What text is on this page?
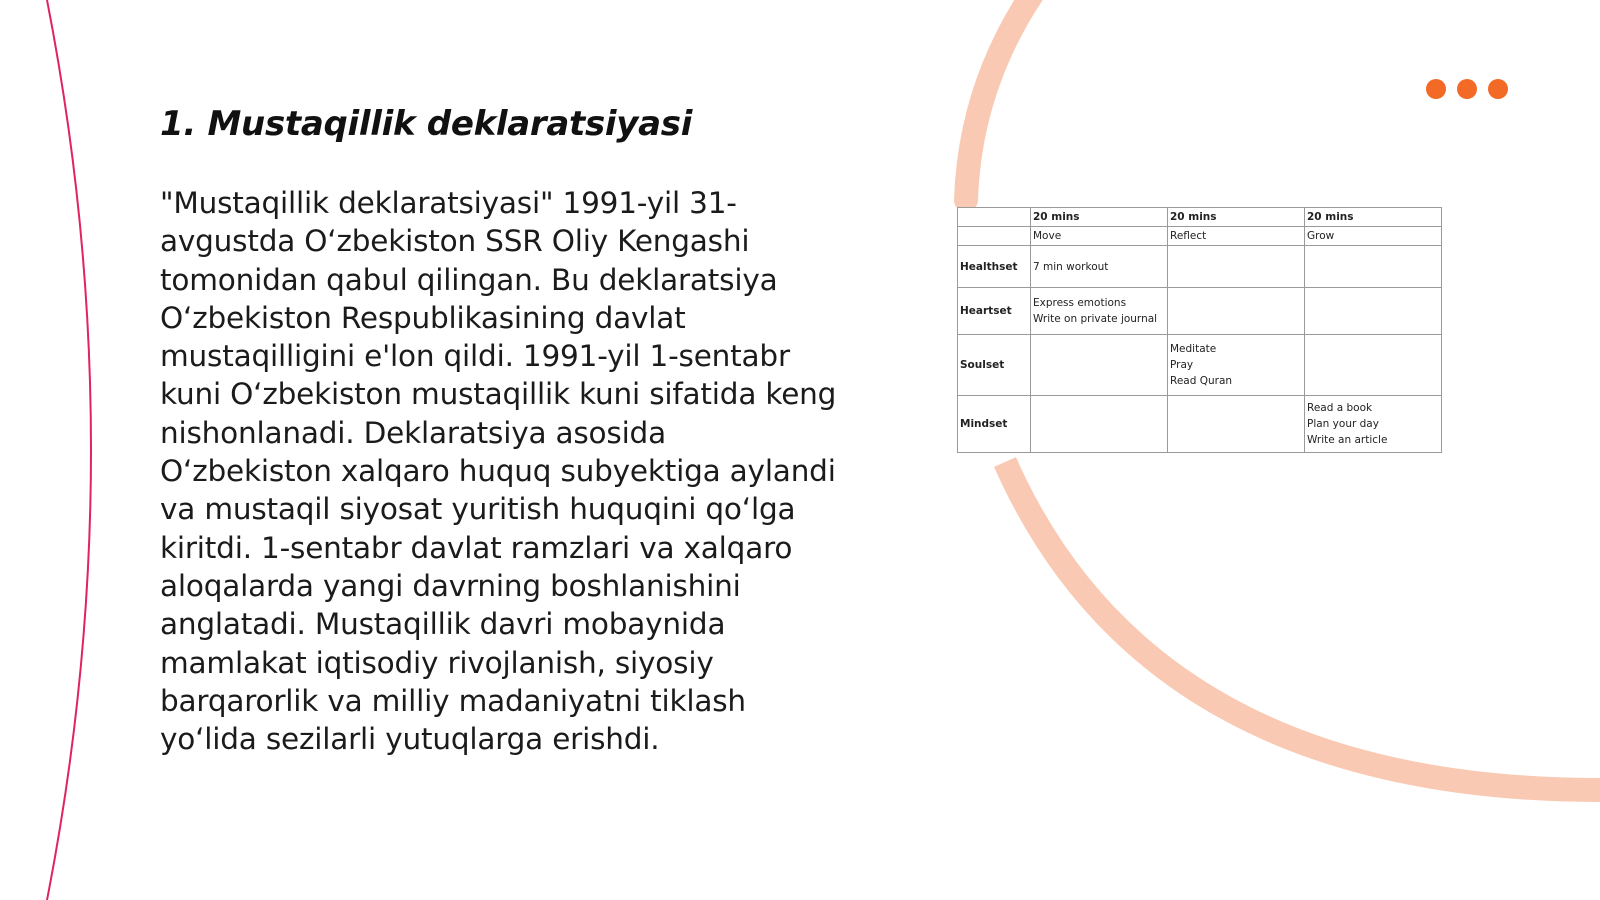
1. Mustaqillik deklaratsiyasi

"Mustaqillik deklaratsiyasi" 1991-yil 31-avgustda O‘zbekiston SSR Oliy Kengashi tomonidan qabul qilingan. Bu deklaratsiya O‘zbekiston Respublikasining davlat mustaqilligini e'lon qildi. 1991-yil 1-sentabr kuni O‘zbekiston mustaqillik kuni sifatida keng nishonlanadi. Deklaratsiya asosida O‘zbekiston xalqaro huquq subyektiga aylandi va mustaqil siyosat yuritish huquqini qo‘lga kiritdi. 1-sentabr davlat ramzlari va xalqaro aloqalarda yangi davrning boshlanishini anglatadi. Mustaqillik davri mobaynida mamlakat iqtisodiy rivojlanish, siyosiy barqarorlik va milliy madaniyatni tiklash yo‘lida sezilarli yutuqlarga erishdi.

	20 mins	20 mins	20 mins
	Move	Reflect	Grow
Healthset	7 min workout		

Heartset	Express emotions
Write on private journal		

Soulset		Meditate
Pray
Read Quran	

Mindset			Read a book
Plan your day
Write an article
